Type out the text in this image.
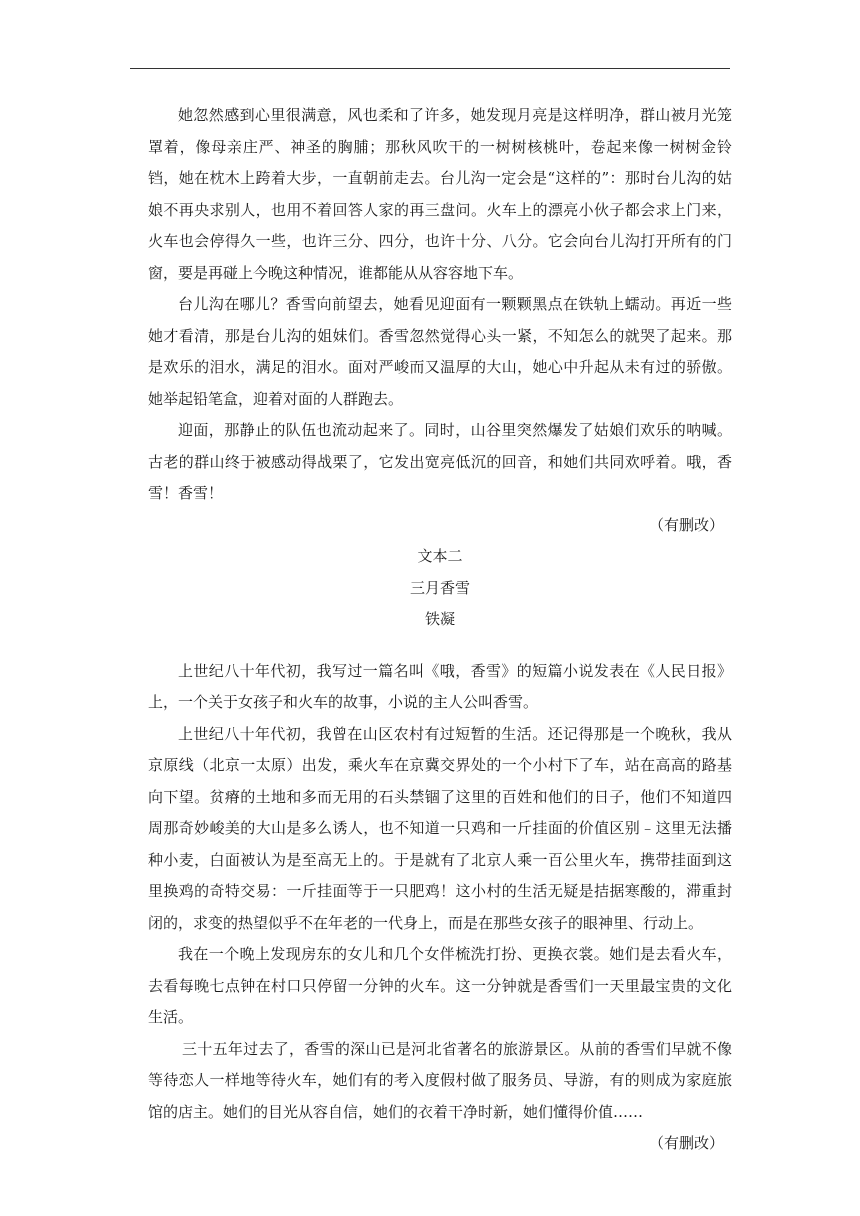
她忽然感到心里很满意，风也柔和了许多，她发现月亮是这样明净，群山被月光笼罩着，像母亲庄严、神圣的胸脯；那秋风吹干的一树树核桃叶，卷起来像一树树金铃铛，她在枕木上跨着大步，一直朝前走去。台儿沟一定会是“这样的”：那时台儿沟的姑娘不再央求别人，也用不着回答人家的再三盘问。火车上的漂亮小伙子都会求上门来，火车也会停得久一些，也许三分、四分，也许十分、八分。它会向台儿沟打开所有的门窗，要是再碰上今晚这种情况，谁都能从从容容地下车。

台儿沟在哪儿？香雪向前望去，她看见迎面有一颗颗黑点在铁轨上蠕动。再近一些她才看清，那是台儿沟的姐妹们。香雪忽然觉得心头一紧，不知怎么的就哭了起来。那是欢乐的泪水，满足的泪水。面对严峻而又温厚的大山，她心中升起从未有过的骄傲。她举起铅笔盒，迎着对面的人群跑去。

迎面，那静止的队伍也流动起来了。同时，山谷里突然爆发了姑娘们欢乐的呐喊。古老的群山终于被感动得战栗了，它发出宽亮低沉的回音，和她们共同欢呼着。哦，香雪！香雪！

（有删改）
文本二
三月香雪
铁凝

上世纪八十年代初，我写过一篇名叫《哦，香雪》的短篇小说发表在《人民日报》上，一个关于女孩子和火车的故事，小说的主人公叫香雪。

上世纪八十年代初，我曾在山区农村有过短暂的生活。还记得那是一个晚秋，我从京原线（北京一太原）出发，乘火车在京冀交界处的一个小村下了车，站在高高的路基向下望。贫瘠的土地和多而无用的石头禁锢了这里的百姓和他们的日子，他们不知道四周那奇妙峻美的大山是多么诱人，也不知道一只鸡和一斤挂面的价值区别﹣这里无法播种小麦，白面被认为是至高无上的。于是就有了北京人乘一百公里火车，携带挂面到这里换鸡的奇特交易：一斤挂面等于一只肥鸡！这小村的生活无疑是拮据寒酸的，滞重封闭的，求变的热望似乎不在年老的一代身上，而是在那些女孩子的眼神里、行动上。

我在一个晚上发现房东的女儿和几个女伴梳洗打扮、更换衣裳。她们是去看火车，去看每晚七点钟在村口只停留一分钟的火车。这一分钟就是香雪们一天里最宝贵的文化生活。

三十五年过去了，香雪的深山已是河北省著名的旅游景区。从前的香雪们早就不像等待恋人一样地等待火车，她们有的考入度假村做了服务员、导游，有的则成为家庭旅馆的店主。她们的目光从容自信，她们的衣着干净时新，她们懂得价值……

（有删改）
